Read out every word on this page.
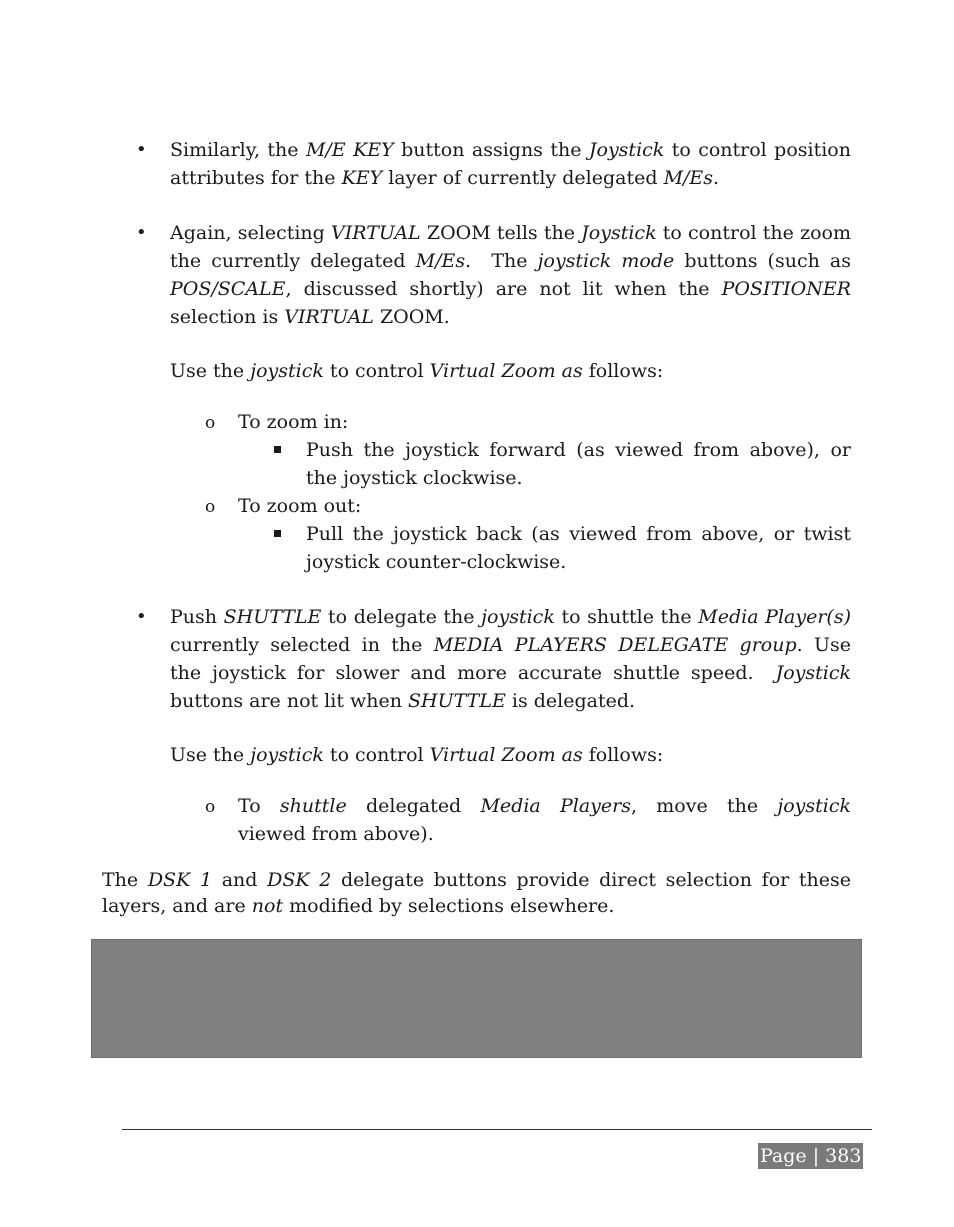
• Similarly, the M/E KEY button assigns the Joystick to control position

attributes for the KEY layer of currently delegated M/Es.

• Again, selecting VIRTUAL ZOOM tells the Joystick to control the zoom

the currently delegated M/Es.  The joystick mode buttons (such as

POS/SCALE, discussed shortly) are not lit when the POSITIONER

selection is VIRTUAL ZOOM.

Use the joystick to control Virtual Zoom as follows:

o To zoom in:

Push the joystick forward (as viewed from above), or

the joystick clockwise.

o To zoom out:

Pull the joystick back (as viewed from above, or twist

joystick counter-clockwise.

• Push SHUTTLE to delegate the joystick to shuttle the Media Player(s)

currently selected in the MEDIA PLAYERS DELEGATE group. Use

the joystick for slower and more accurate shuttle speed.  Joystick

buttons are not lit when SHUTTLE is delegated.

Use the joystick to control Virtual Zoom as follows:

o To shuttle delegated Media Players, move the joystick

viewed from above).

The DSK 1 and DSK 2 delegate buttons provide direct selection for these

layers, and are not modified by selections elsewhere.

Page | 383
